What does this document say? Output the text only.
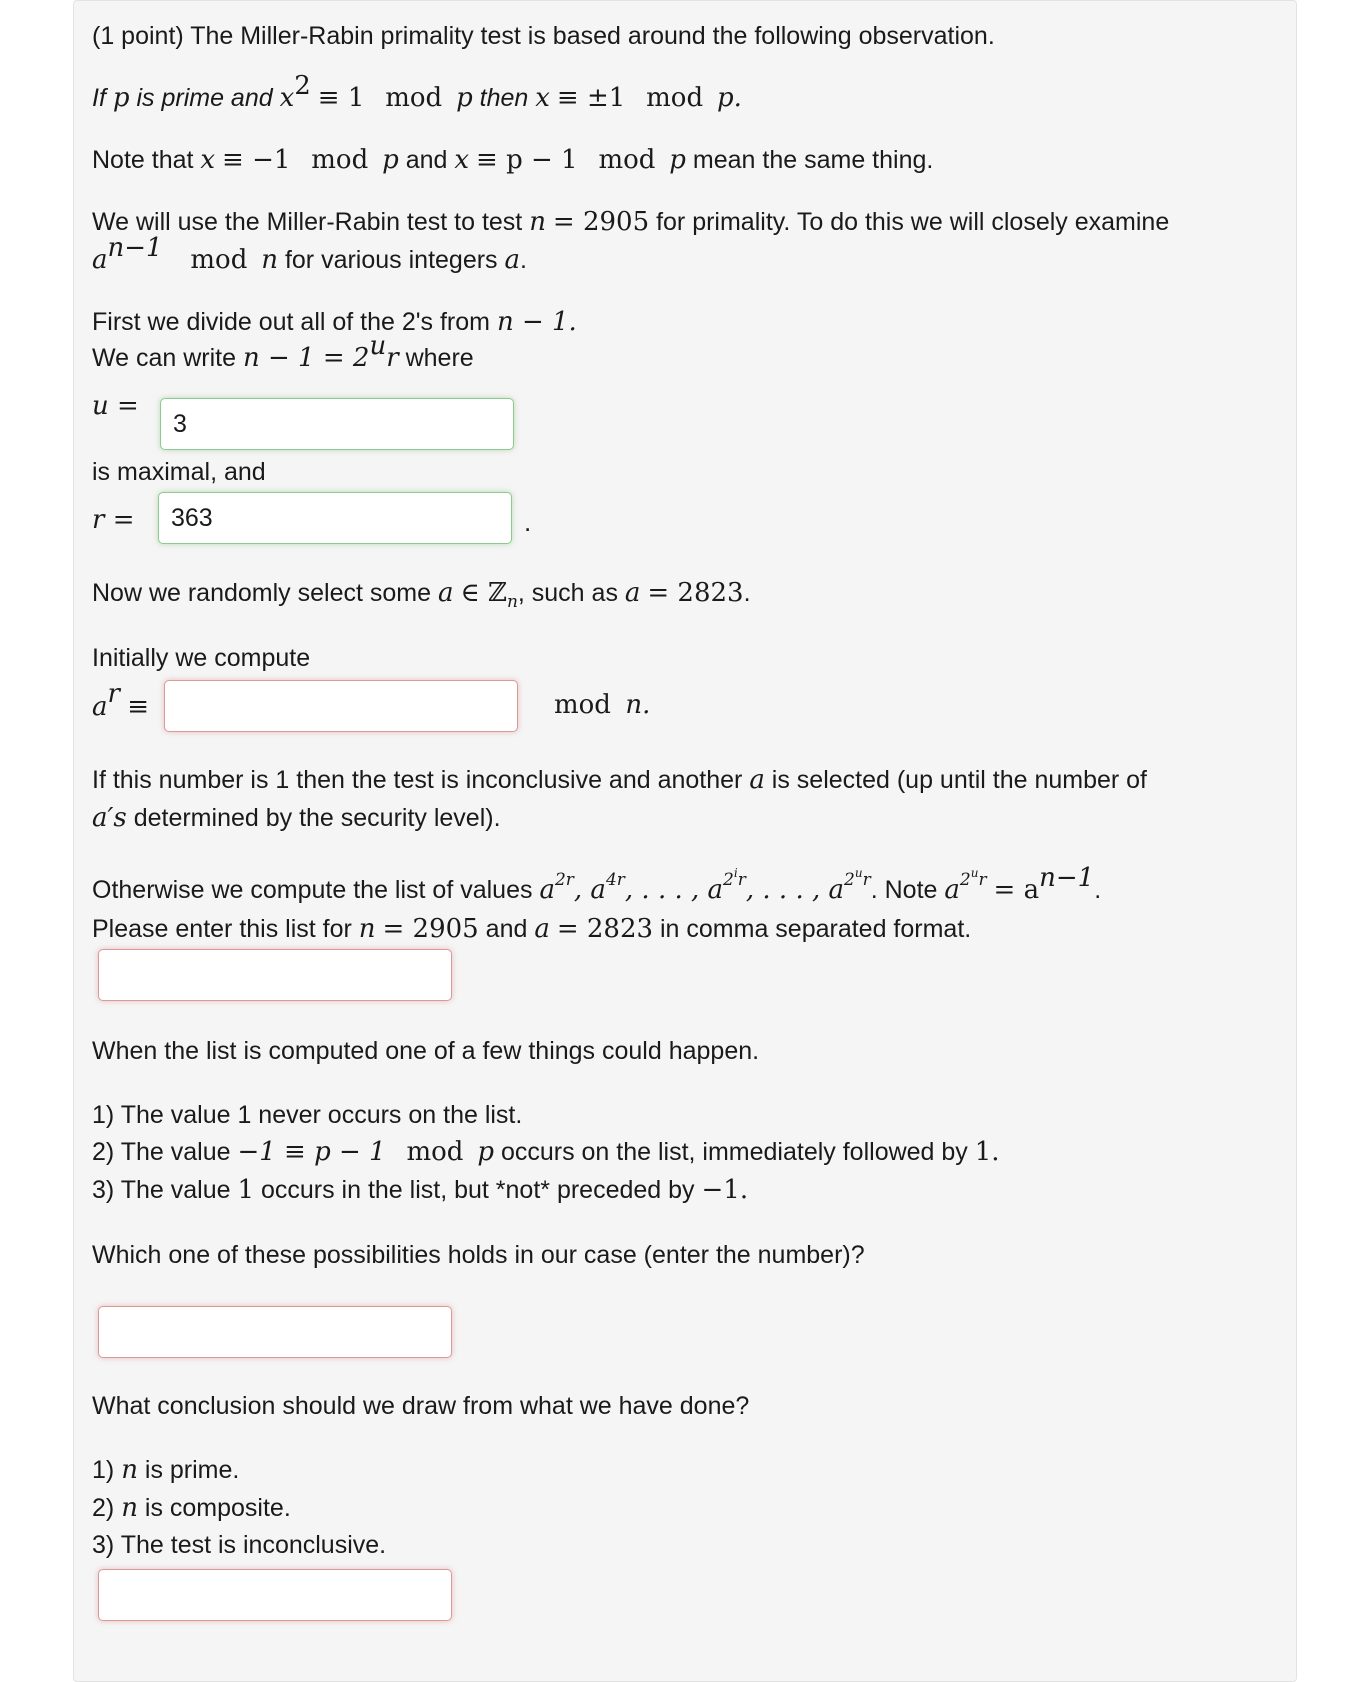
(1 point) The Miller-Rabin primality test is based around the following observation.
If p is prime and $x^2 \equiv 1$ mod p then x ≡ ±1 mod p.
Note that x ≡ −1 mod p and x ≡ p − 1 mod p mean the same thing.
We will use the Miller-Rabin test to test n = 2905 for primality. To do this we will closely examine
$a^{n-1}$ mod n for various integers a.
First we divide out all of the 2's from n − 1.
We can write $n - 1 = 2^ur$ where
u =
3
is maximal, and
r =	363	.
Now we randomly select some a ∈ ℤ$_n$, such as a = 2823.
Initially we compute
$a^r$ ≡	mod n.
If this number is 1 then the test is inconclusive and another a is selected (up until the number of
a′s determined by the security level).
Otherwise we compute the list of values $a^{2r}$, $a^{4r}$, . . . , $a^{2^ir}$, . . . , $a^{2^ur}$. Note $a^{2^ur} = a^{n-1}$.
Please enter this list for n = 2905 and a = 2823 in comma separated format.
When the list is computed one of a few things could happen.
1) The value 1 never occurs on the list.
2) The value −1 ≡ p − 1 mod p occurs on the list, immediately followed by 1.
3) The value 1 occurs in the list, but *not* preceded by −1.
Which one of these possibilities holds in our case (enter the number)?
What conclusion should we draw from what we have done?
1) n is prime.
2) n is composite.
3) The test is inconclusive.
